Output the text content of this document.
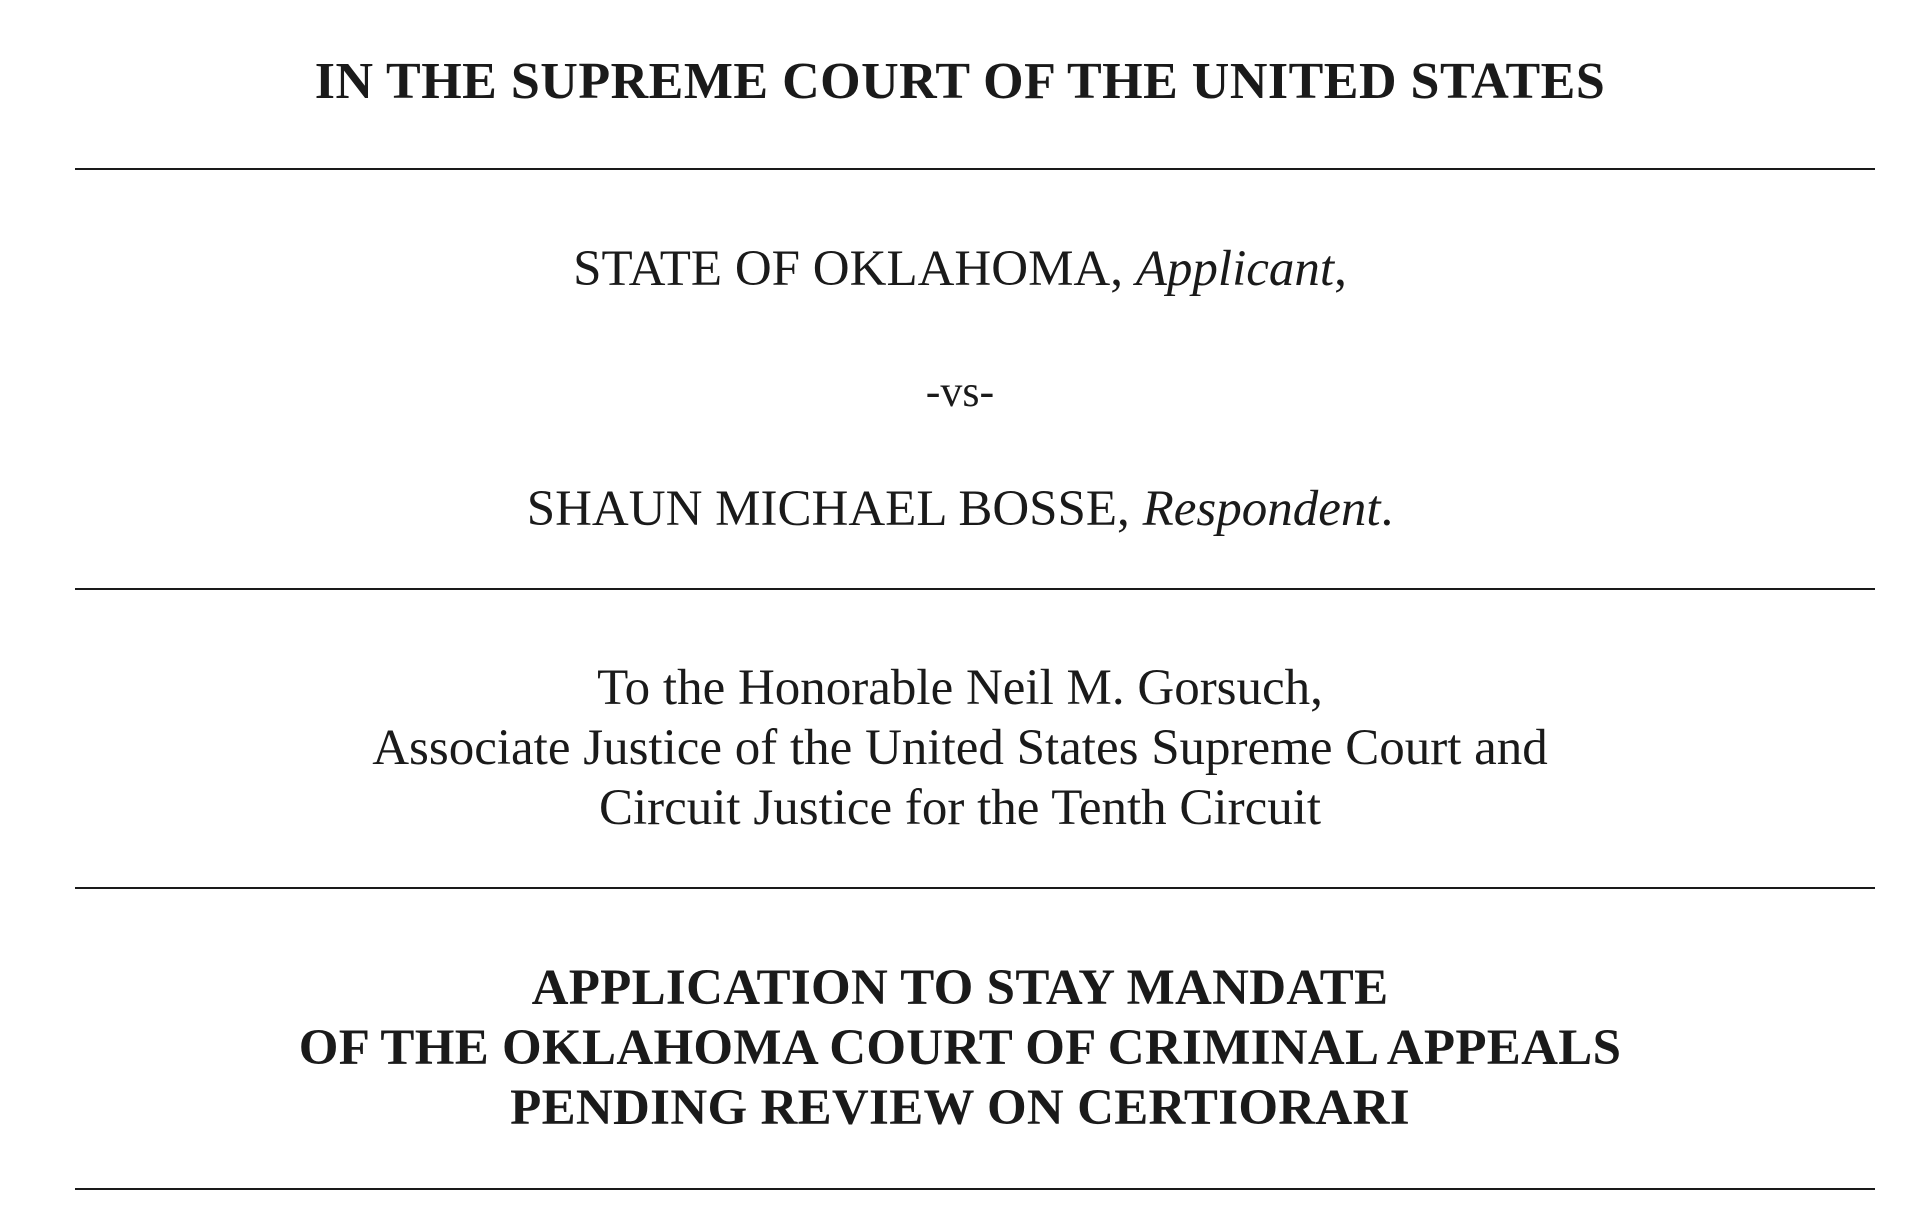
IN THE SUPREME COURT OF THE UNITED STATES
STATE OF OKLAHOMA, Applicant,
-vs-
SHAUN MICHAEL BOSSE, Respondent.
To the Honorable Neil M. Gorsuch,
Associate Justice of the United States Supreme Court and
Circuit Justice for the Tenth Circuit
APPLICATION TO STAY MANDATE
OF THE OKLAHOMA COURT OF CRIMINAL APPEALS
PENDING REVIEW ON CERTIORARI
